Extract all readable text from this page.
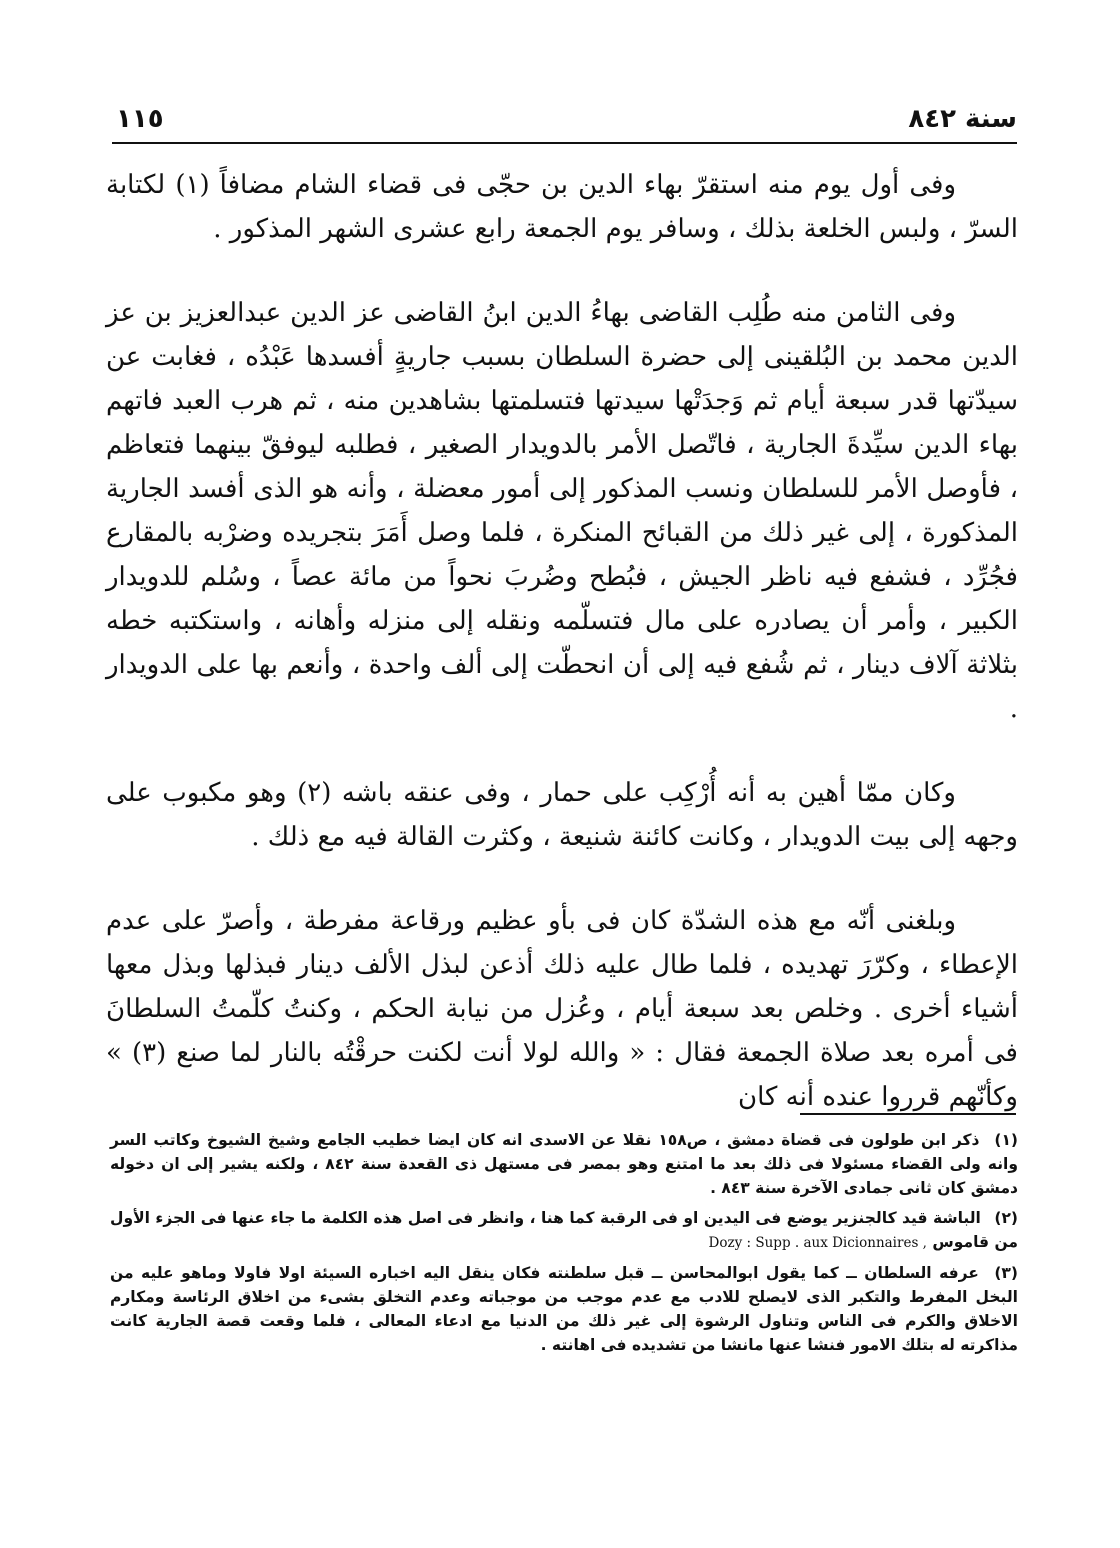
سنة ٨٤٢
١١٥

وفى أول يوم منه استقرّ بهاء الدين بن حجّى فى قضاء الشام مضافاً (١) لكتابة السرّ ، ولبس الخلعة بذلك ، وسافر يوم الجمعة رابع عشرى الشهر المذكور .

وفى الثامن منه طُلِب القاضى بهاءُ الدين ابنُ القاضى عز الدين عبدالعزيز بن عز الدين محمد بن البُلقينى إلى حضرة السلطان بسبب جاريةٍ أفسدها عَبْدُه ، فغابت عن سيدّتها قدر سبعة أيام ثم وَجدَتْها سيدتها فتسلمتها بشاهدين منه ، ثم هرب العبد فاتهم بهاء الدين سيِّدةَ الجارية ، فاتّصل الأمر بالدويدار الصغير ، فطلبه ليوفقّ بينهما فتعاظم ، فأوصل الأمر للسلطان ونسب المذكور إلى أمور معضلة ، وأنه هو الذى أفسد الجارية المذكورة ، إلى غير ذلك من القبائح المنكرة ، فلما وصل أَمَرَ بتجريده وضرْبه بالمقارع فجُرِّد ، فشفع فيه ناظر الجيش ، فبُطح وضُربَ نحواً من مائة عصاً ، وسُلم للدويدار الكبير ، وأمر أن يصادره على مال فتسلّمه ونقله إلى منزله وأهانه ، واستكتبه خطه بثلاثة آلاف دينار ، ثم شُفع فيه إلى أن انحطّت إلى ألف واحدة ، وأنعم بها على الدويدار .

وكان ممّا أهين به أنه أُرْكِب على حمار ، وفى عنقه باشه (٢) وهو مكبوب على وجهه إلى بيت الدويدار ، وكانت كائنة شنيعة ، وكثرت القالة فيه مع ذلك .

وبلغنى أنّه مع هذه الشدّة كان فى بأو عظيم ورقاعة مفرطة ، وأصرّ على عدم الإعطاء ، وكرّرَ تهديده ، فلما طال عليه ذلك أذعن لبذل الألف دينار فبذلها وبذل معها أشياء أخرى . وخلص بعد سبعة أيام ، وعُزل من نيابة الحكم ، وكنتُ كلّمتُ السلطانَ فى أمره بعد صلاة الجمعة فقال : « والله لولا أنت لكنت حرقْتُه بالنار لما صنع (٣) » وكأنّهم قرروا عنده أنه كان

(١) ذكر ابن طولون فى قضاة دمشق ، ص١٥٨ نقلا عن الاسدى انه كان ايضا خطيب الجامع وشيخ الشيوخ وكاتب السر وانه ولى القضاء مسئولا فى ذلك بعد ما امتنع وهو بمصر فى مستهل ذى القعدة سنة ٨٤٢ ، ولكنه يشير إلى ان دخوله دمشق كان ثانى جمادى الآخرة سنة ٨٤٣ .

(٢) الباشة قيد كالجنزير يوضع فى اليدين او فى الرقبة كما هنا ، وانظر فى اصل هذه الكلمة ما جاء عنها فى الجزء الأول من قاموس Dozy : Supp . aux Dicionnaires ,

(٣) عرفه السلطان ــ كما يقول ابوالمحاسن ــ قبل سلطنته فكان ينقل اليه اخباره السيئة اولا فاولا وماهو عليه من البخل المفرط والتكبر الذى لايصلح للادب مع عدم موجب من موجباته وعدم التخلق بشىء من اخلاق الرئاسة ومكارم الاخلاق والكرم فى الناس وتناول الرشوة إلى غير ذلك من الدنيا مع ادعاء المعالى ، فلما وقعت قصة الجارية كانت مذاكرته له بتلك الامور فنشا عنها مانشا من تشديده فى اهانته .
